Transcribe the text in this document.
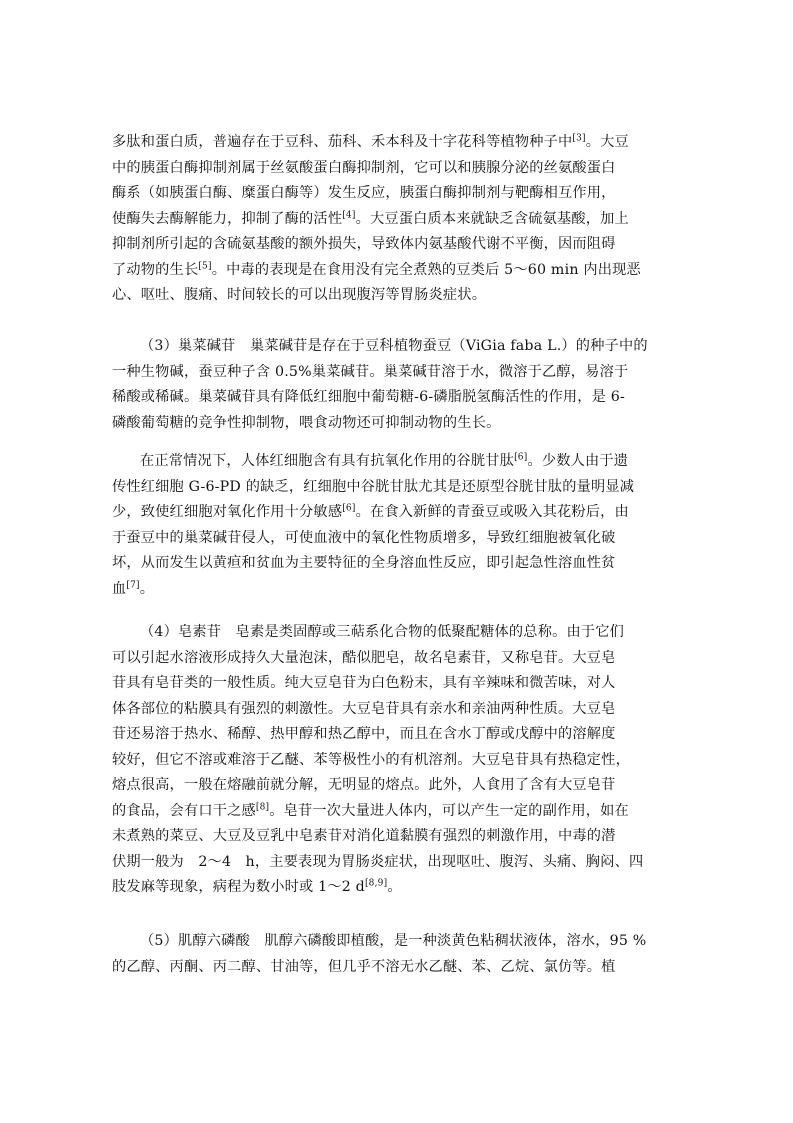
多肽和蛋白质，普遍存在于豆科、茄科、禾本科及十字花科等植物种子中[3]。大豆
中的胰蛋白酶抑制剂属于丝氨酸蛋白酶抑制剂，它可以和胰腺分泌的丝氨酸蛋白
酶系（如胰蛋白酶、糜蛋白酶等）发生反应，胰蛋白酶抑制剂与靶酶相互作用，
使酶失去酶解能力，抑制了酶的活性[4]。大豆蛋白质本来就缺乏含硫氨基酸，加上
抑制剂所引起的含硫氨基酸的额外损失，导致体内氨基酸代谢不平衡，因而阻碍
了动物的生长[5]。中毒的表现是在食用没有完全煮熟的豆类后 5～60 min 内出现恶
心、呕吐、腹痛、时间较长的可以出现腹泻等胃肠炎症状。
（3）巢菜碱苷　巢菜碱苷是存在于豆科植物蚕豆（ViGia faba L.）的种子中的
一种生物碱，蚕豆种子含 0.5%巢菜碱苷。巢菜碱苷溶于水，微溶于乙醇，易溶于
稀酸或稀碱。巢菜碱苷具有降低红细胞中葡萄糖-6-磷脂脱氢酶活性的作用，是 6-
磷酸葡萄糖的竞争性抑制物，喂食动物还可抑制动物的生长。
在正常情况下，人体红细胞含有具有抗氧化作用的谷胱甘肽[6]。少数人由于遗
传性红细胞 G-6-PD 的缺乏，红细胞中谷胱甘肽尤其是还原型谷胱甘肽的量明显减
少，致使红细胞对氧化作用十分敏感[6]。在食入新鲜的青蚕豆或吸入其花粉后，由
于蚕豆中的巢菜碱苷侵人，可使血液中的氧化性物质增多，导致红细胞被氧化破
坏，从而发生以黄疸和贫血为主要特征的全身溶血性反应，即引起急性溶血性贫
血[7]。
（4）皂素苷　皂素是类固醇或三萜系化合物的低聚配糖体的总称。由于它们
可以引起水溶液形成持久大量泡沫，酷似肥皂，故名皂素苷，又称皂苷。大豆皂
苷具有皂苷类的一般性质。纯大豆皂苷为白色粉末，具有辛辣味和微苦味，对人
体各部位的粘膜具有强烈的刺激性。大豆皂苷具有亲水和亲油两种性质。大豆皂
苷还易溶于热水、稀醇、热甲醇和热乙醇中，而且在含水丁醇或戊醇中的溶解度
较好，但它不溶或难溶于乙醚、苯等极性小的有机溶剂。大豆皂苷具有热稳定性，
熔点很高，一般在熔融前就分解，无明显的熔点。此外，人食用了含有大豆皂苷
的食品，会有口干之感[8]。皂苷一次大量进人体内，可以产生一定的副作用，如在
未煮熟的菜豆、大豆及豆乳中皂素苷对消化道黏膜有强烈的刺激作用，中毒的潜
伏期一般为　2～4　h，主要表现为胃肠炎症状，出现呕吐、腹泻、头痛、胸闷、四
肢发麻等现象，病程为数小时或 1～2 d[8,9]。
（5）肌醇六磷酸　肌醇六磷酸即植酸，是一种淡黄色粘稠状液体，溶水，95 %
的乙醇、丙酮、丙二醇、甘油等，但几乎不溶无水乙醚、苯、乙烷、氯仿等。植
